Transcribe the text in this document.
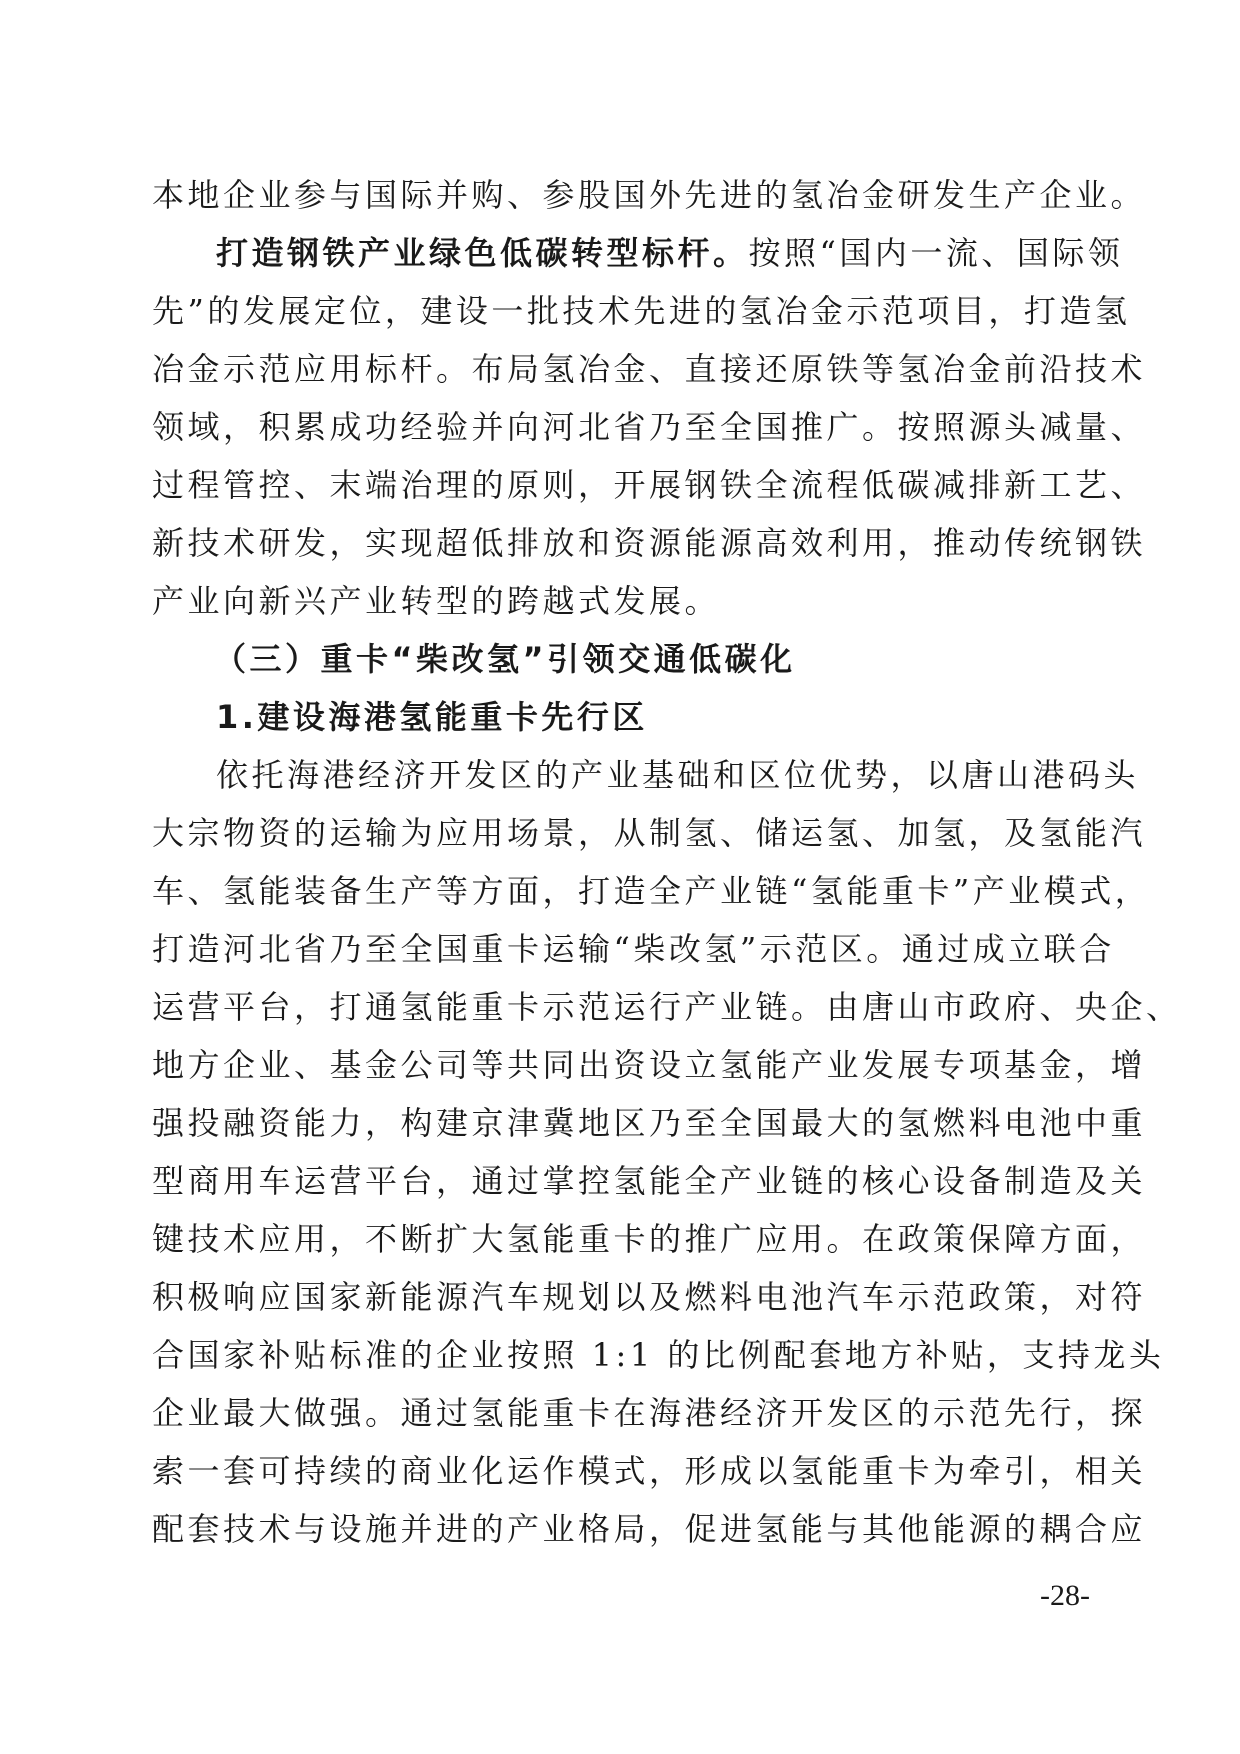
本地企业参与国际并购、参股国外先进的氢冶金研发生产企业。
打造钢铁产业绿色低碳转型标杆。按照“国内一流、国际领
先”的发展定位，建设一批技术先进的氢冶金示范项目，打造氢
冶金示范应用标杆。布局氢冶金、直接还原铁等氢冶金前沿技术
领域，积累成功经验并向河北省乃至全国推广。按照源头减量、
过程管控、末端治理的原则，开展钢铁全流程低碳减排新工艺、
新技术研发，实现超低排放和资源能源高效利用，推动传统钢铁
产业向新兴产业转型的跨越式发展。
（三）重卡“柴改氢”引领交通低碳化
1.建设海港氢能重卡先行区
依托海港经济开发区的产业基础和区位优势，以唐山港码头
大宗物资的运输为应用场景，从制氢、储运氢、加氢，及氢能汽
车、氢能装备生产等方面，打造全产业链“氢能重卡”产业模式，
打造河北省乃至全国重卡运输“柴改氢”示范区。通过成立联合
运营平台，打通氢能重卡示范运行产业链。由唐山市政府、央企、
地方企业、基金公司等共同出资设立氢能产业发展专项基金，增
强投融资能力，构建京津冀地区乃至全国最大的氢燃料电池中重
型商用车运营平台，通过掌控氢能全产业链的核心设备制造及关
键技术应用，不断扩大氢能重卡的推广应用。在政策保障方面，
积极响应国家新能源汽车规划以及燃料电池汽车示范政策，对符
合国家补贴标准的企业按照 1:1 的比例配套地方补贴，支持龙头
企业最大做强。通过氢能重卡在海港经济开发区的示范先行，探
索一套可持续的商业化运作模式，形成以氢能重卡为牵引，相关
配套技术与设施并进的产业格局，促进氢能与其他能源的耦合应
-28-
